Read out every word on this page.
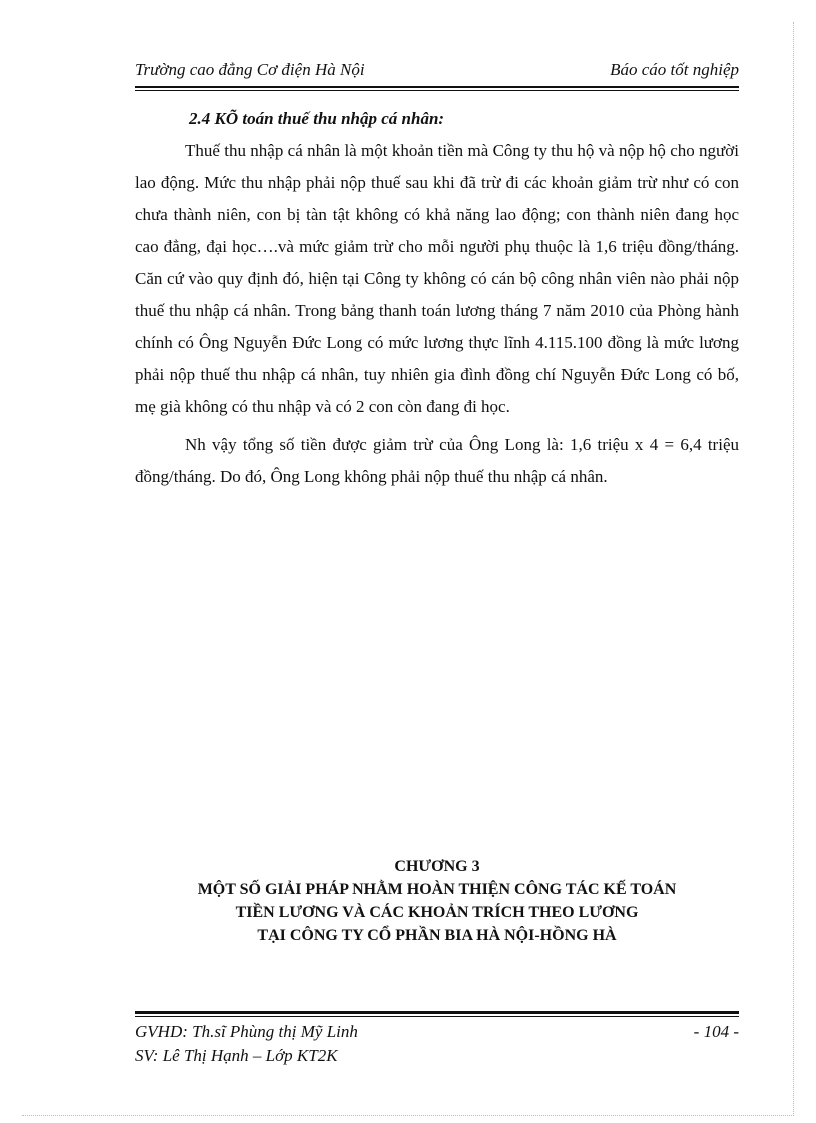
Trường cao đẳng Cơ điện Hà Nội	Báo cáo tốt nghiệp

2.4 KÕ toán thuế thu nhập cá nhân:

Thuế thu nhập cá nhân là một khoản tiền mà Công ty thu hộ và nộp hộ cho người lao động. Mức thu nhập phải nộp thuế sau khi đã trừ đi các khoản giảm trừ như có con chưa thành niên, con bị tàn tật không có khả năng lao động; con thành niên đang học cao đẳng, đại học….và mức giảm trừ cho mỗi người phụ thuộc là 1,6 triệu đồng/tháng. Căn cứ vào quy định đó, hiện tại Công ty không có cán bộ công nhân viên nào phải nộp thuế thu nhập cá nhân. Trong bảng thanh toán lương tháng 7 năm 2010 của Phòng hành chính có Ông Nguyễn Đức Long có mức lương thực lĩnh 4.115.100 đồng là mức lương phải nộp thuế thu nhập cá nhân, tuy nhiên gia đình đồng chí Nguyễn Đức Long có bố, mẹ già không có thu nhập và có 2 con còn đang đi học.

Nh vậy tổng số tiền được giảm trừ của Ông Long là: 1,6 triệu x 4 = 6,4 triệu đồng/tháng. Do đó, Ông Long không phải nộp thuế thu nhập cá nhân.

CHƯƠNG 3
MỘT SỐ GIẢI PHÁP NHẰM HOÀN THIỆN CÔNG TÁC KẾ TOÁN
TIỀN LƯƠNG VÀ CÁC KHOẢN TRÍCH THEO LƯƠNG
TẠI CÔNG TY CỔ PHẦN BIA HÀ NỘI-HỒNG HÀ
GVHD: Th.sĩ Phùng thị Mỹ Linh
SV: Lê Thị Hạnh – Lớp KT2K
- 104 -
